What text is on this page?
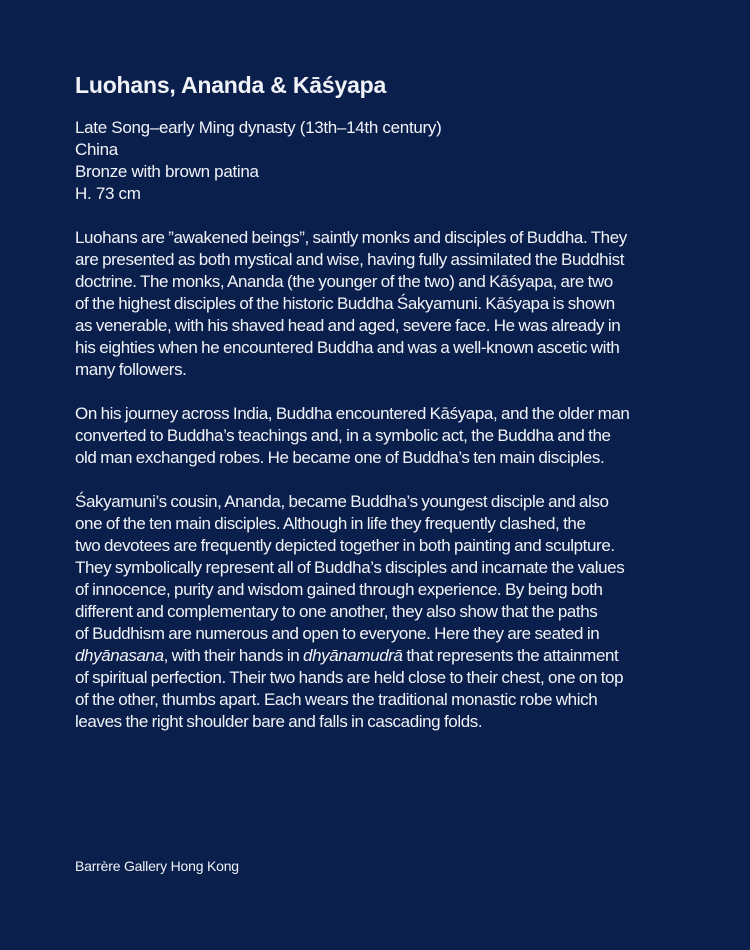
Luohans, Ananda & Kāśyapa
Late Song–early Ming dynasty (13th–14th century)
China
Bronze with brown patina
H. 73 cm

Luohans are ”awakened beings”, saintly monks and disciples of Buddha. They
are presented as both mystical and wise, having fully assimilated the Buddhist
doctrine. The monks, Ananda (the younger of the two) and Kāśyapa, are two
of the highest disciples of the historic Buddha Śakyamuni. Kāśyapa is shown
as venerable, with his shaved head and aged, severe face. He was already in
his eighties when he encountered Buddha and was a well-known ascetic with
many followers.

On his journey across India, Buddha encountered Kāśyapa, and the older man
converted to Buddha’s teachings and, in a symbolic act, the Buddha and the
old man exchanged robes. He became one of Buddha’s ten main disciples.

Śakyamuni’s cousin, Ananda, became Buddha’s youngest disciple and also
one of the ten main disciples. Although in life they frequently clashed, the
two devotees are frequently depicted together in both painting and sculpture.
They symbolically represent all of Buddha’s disciples and incarnate the values
of innocence, purity and wisdom gained through experience. By being both
different and complementary to one another, they also show that the paths
of Buddhism are numerous and open to everyone. Here they are seated in
dhyānasana, with their hands in dhyānamudrā that represents the attainment
of spiritual perfection. Their two hands are held close to their chest, one on top
of the other, thumbs apart. Each wears the traditional monastic robe which
leaves the right shoulder bare and falls in cascading folds.

Barrère Gallery Hong Kong
